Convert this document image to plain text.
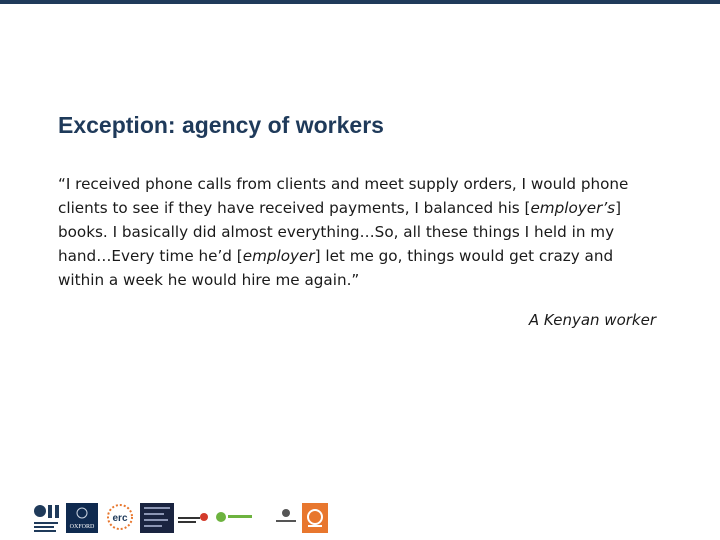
Exception: agency of workers

“I received phone calls from clients and meet supply orders, I would phone clients to see if they have received payments, I balanced his [employer’s] books. I basically did almost everything…So, all these things I held in my hand…Every time he’d [employer] let me go, things would get crazy and within a week he would hire me again.”

A Kenyan worker
OXFORD
erc
